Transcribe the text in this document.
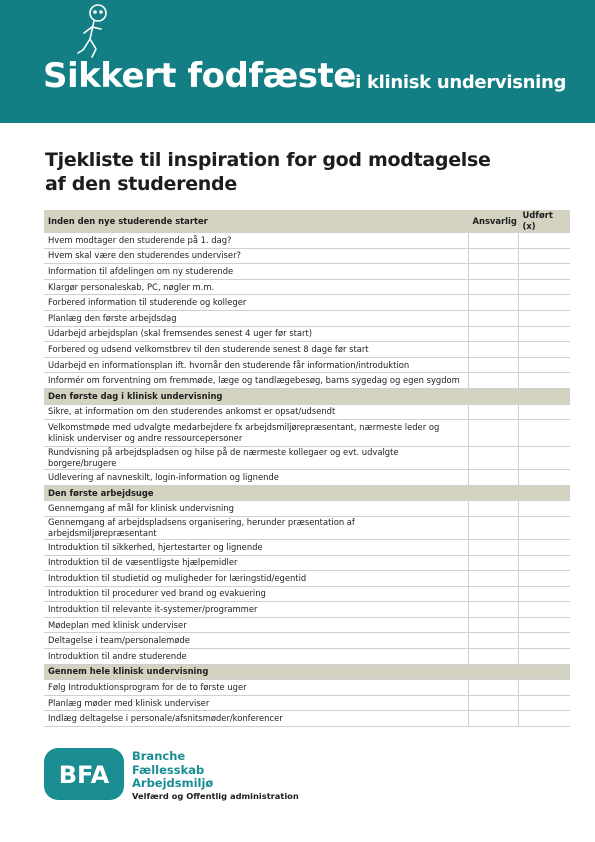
Sikkert fodfæste
- i klinisk undervisning
Tjekliste til inspiration for god modtagelse
af den studerende
Inden den nye studerende starter	Ansvarlig	Udført (x)
Hvem modtager den studerende på 1. dag?		
Hvem skal være den studerendes underviser?		
Information til afdelingen om ny studerende		
Klargør personaleskab, PC, nøgler m.m.		
Forbered information til studerende og kolleger		
Planlæg den første arbejdsdag		
Udarbejd arbejdsplan (skal fremsendes senest 4 uger før start)		
Forbered og udsend velkomstbrev til den studerende senest 8 dage før start		
Udarbejd en informationsplan ift. hvornår den studerende får information/introduktion		
Informér om forventning om fremmøde, læge og tandlægebesøg, barns sygedag og egen sygdom		
Den første dag i klinisk undervisning		
Sikre, at information om den studerendes ankomst er opsat/udsendt		
Velkomstmøde med udvalgte medarbejdere fx arbejdsmiljørepræsentant, nærmeste leder og klinisk underviser og andre ressourcepersoner		
Rundvisning på arbejdspladsen og hilse på de nærmeste kollegaer og evt. udvalgte borgere/brugere		
Udlevering af navneskilt, login-information og lignende		
Den første arbejdsuge		
Gennemgang af mål for klinisk undervisning		
Gennemgang af arbejdspladsens organisering, herunder præsentation af arbejdsmiljørepræsentant		
Introduktion til sikkerhed, hjertestarter og lignende		
Introduktion til de væsentligste hjælpemidler		
Introduktion til studietid og muligheder for læringstid/egentid		
Introduktion til procedurer ved brand og evakuering		
Introduktion til relevante it-systemer/programmer		
Mødeplan med klinisk underviser		
Deltagelse i team/personalemøde		
Introduktion til andre studerende		
Gennem hele klinisk undervisning		
Følg Introduktionsprogram for de to første uger		
Planlæg møder med klinisk underviser		
Indlæg deltagelse i personale/afsnitsmøder/konferencer		
BFA
Branche
Fællesskab
Arbejdsmiljø
Velfærd og Offentlig administration
